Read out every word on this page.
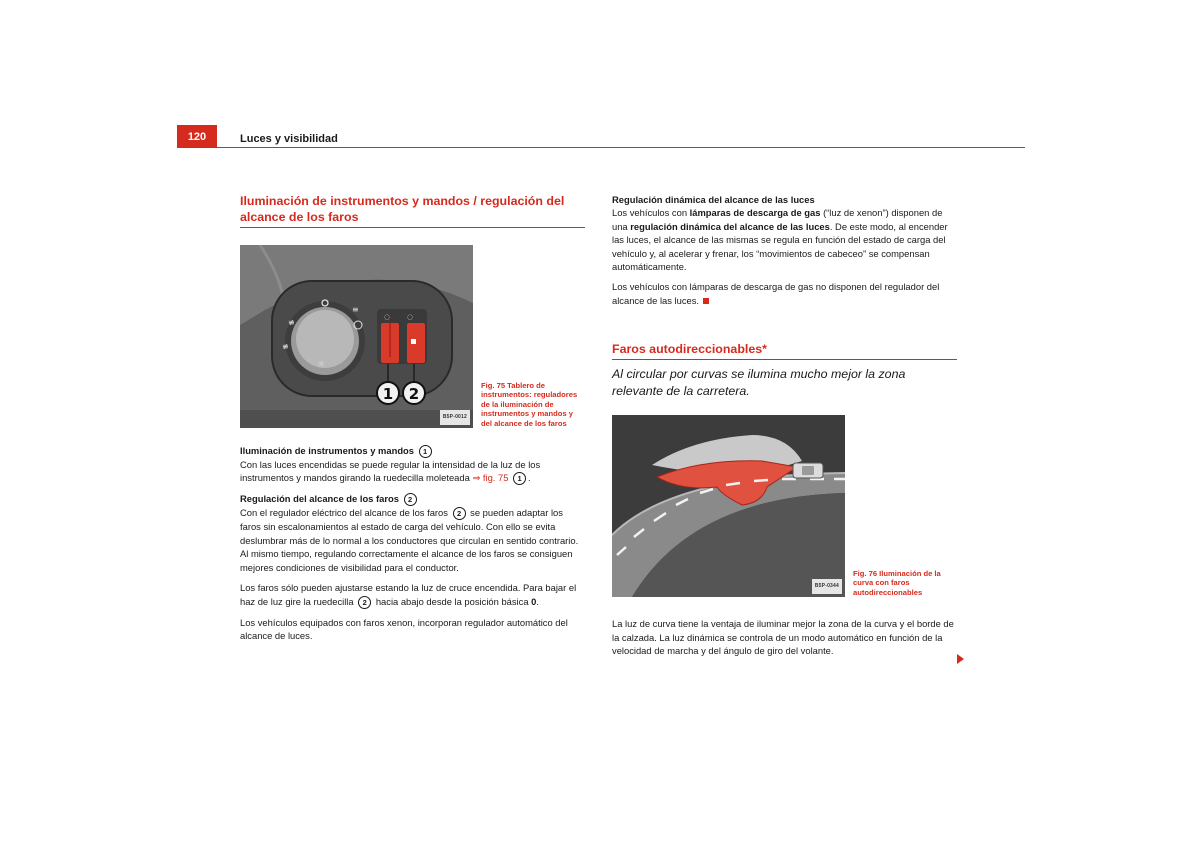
120	Luces y visibilidad
Iluminación de instrumentos y mandos / regulación del alcance de los faros
≢
≡
≢
☼
◌ ◌
1 2
B5P-0012
Fig. 75 Tablero de instrumentos: reguladores de la iluminación de instrumentos y mandos y del alcance de los faros

Iluminación de instrumentos y mandos 1

Con las luces encendidas se puede regular la intensidad de la luz de los instrumentos y mandos girando la ruedecilla moleteada ⇒ fig. 75 1 .

Regulación del alcance de los faros 2

Con el regulador eléctrico del alcance de los faros 2 se pueden adaptar los faros sin escalonamientos al estado de carga del vehículo. Con ello se evita deslumbrar más de lo normal a los conductores que circulan en sentido contrario. Al mismo tiempo, regulando correctamente el alcance de los faros se consiguen mejores condiciones de visibilidad para el conductor.

Los faros sólo pueden ajustarse estando la luz de cruce encendida. Para bajar el haz de luz gire la ruedecilla 2 hacia abajo desde la posición básica 0.

Los vehículos equipados con faros xenon, incorporan regulador automático del alcance de luces.

Regulación dinámica del alcance de las luces

Los vehículos con lámparas de descarga de gas (“luz de xenon”) disponen de una regulación dinámica del alcance de las luces. De este modo, al encender las luces, el alcance de las mismas se regula en función del estado de carga del vehículo y, al acelerar y frenar, los “movimientos de cabeceo” se compensan automáticamente.

Los vehículos con lámparas de descarga de gas no disponen del regulador del alcance de las luces.

Faros autodireccionables*

Al circular por curvas se ilumina mucho mejor la zona relevante de la carretera.

B5P-0344
Fig. 76 Iluminación de la curva con faros autodireccionables

La luz de curva tiene la ventaja de iluminar mejor la zona de la curva y el borde de la calzada. La luz dinámica se controla de un modo automático en función de la velocidad de marcha y del ángulo de giro del volante.
